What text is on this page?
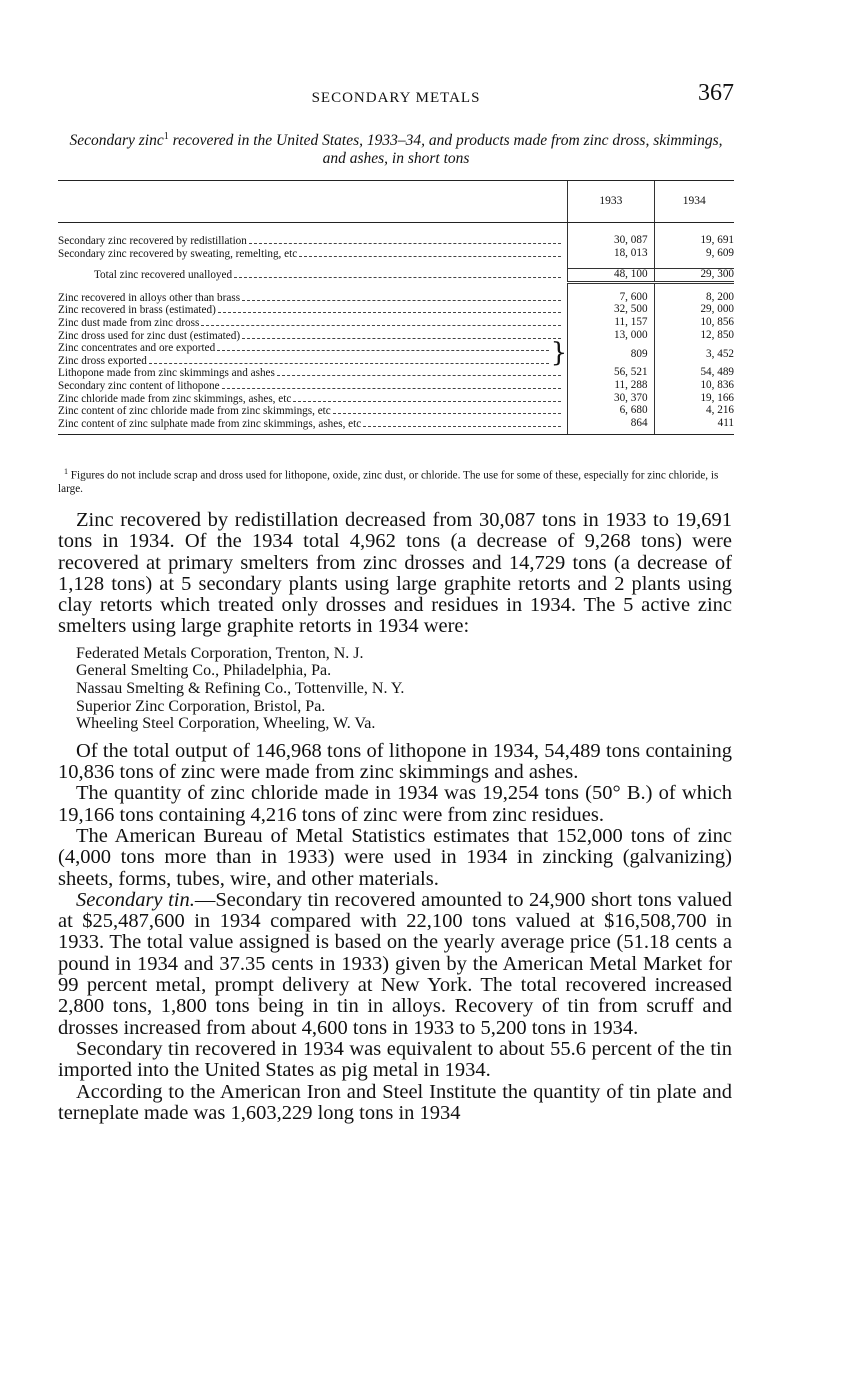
SECONDARY METALS	367
Secondary zinc$^1$ recovered in the United States, 1933–34, and products made from zinc dross, skimmings, and ashes, in short tons
	1933	1934

Secondary zinc recovered by redistillation	30, 087	19, 691

Secondary zinc recovered by sweating, remelting, etc	18, 013	9, 609

Total zinc recovered unalloyed	48, 100	29, 300

Zinc recovered in alloys other than brass	7, 600	8, 200

Zinc recovered in brass (estimated)	32, 500	29, 000

Zinc dust made from zinc dross	11, 157	10, 856

Zinc dross used for zinc dust (estimated)	13, 000	12, 850

Zinc concentrates and ore exported
Zinc dross exported }	809	3, 452

Lithopone made from zinc skimmings and ashes	56, 521	54, 489

Secondary zinc content of lithopone	11, 288	10, 836

Zinc chloride made from zinc skimmings, ashes, etc	30, 370	19, 166

Zinc content of zinc chloride made from zinc skimmings, etc	6, 680	4, 216

Zinc content of zinc sulphate made from zinc skimmings, ashes, etc	864	411
$^1$ Figures do not include scrap and dross used for lithopone, oxide, zinc dust, or chloride. The use for some of these, especially for zinc chloride, is large.

Zinc recovered by redistillation decreased from 30,087 tons in 1933 to 19,691 tons in 1934. Of the 1934 total 4,962 tons (a decrease of 9,268 tons) were recovered at primary smelters from zinc drosses and 14,729 tons (a decrease of 1,128 tons) at 5 secondary plants using large graphite retorts and 2 plants using clay retorts which treated only drosses and residues in 1934. The 5 active zinc smelters using large graphite retorts in 1934 were:

Federated Metals Corporation, Trenton, N. J.
General Smelting Co., Philadelphia, Pa.
Nassau Smelting & Refining Co., Tottenville, N. Y.
Superior Zinc Corporation, Bristol, Pa.
Wheeling Steel Corporation, Wheeling, W. Va.

Of the total output of 146,968 tons of lithopone in 1934, 54,489 tons containing 10,836 tons of zinc were made from zinc skimmings and ashes.

The quantity of zinc chloride made in 1934 was 19,254 tons (50° B.) of which 19,166 tons containing 4,216 tons of zinc were from zinc residues.

The American Bureau of Metal Statistics estimates that 152,000 tons of zinc (4,000 tons more than in 1933) were used in 1934 in zincking (galvanizing) sheets, forms, tubes, wire, and other materials.

Secondary tin.—Secondary tin recovered amounted to 24,900 short tons valued at $25,487,600 in 1934 compared with 22,100 tons valued at $16,508,700 in 1933. The total value assigned is based on the yearly average price (51.18 cents a pound in 1934 and 37.35 cents in 1933) given by the American Metal Market for 99 percent metal, prompt delivery at New York. The total recovered increased 2,800 tons, 1,800 tons being in tin in alloys. Recovery of tin from scruff and drosses increased from about 4,600 tons in 1933 to 5,200 tons in 1934.

Secondary tin recovered in 1934 was equivalent to about 55.6 percent of the tin imported into the United States as pig metal in 1934.

According to the American Iron and Steel Institute the quantity of tin plate and terneplate made was 1,603,229 long tons in 1934
